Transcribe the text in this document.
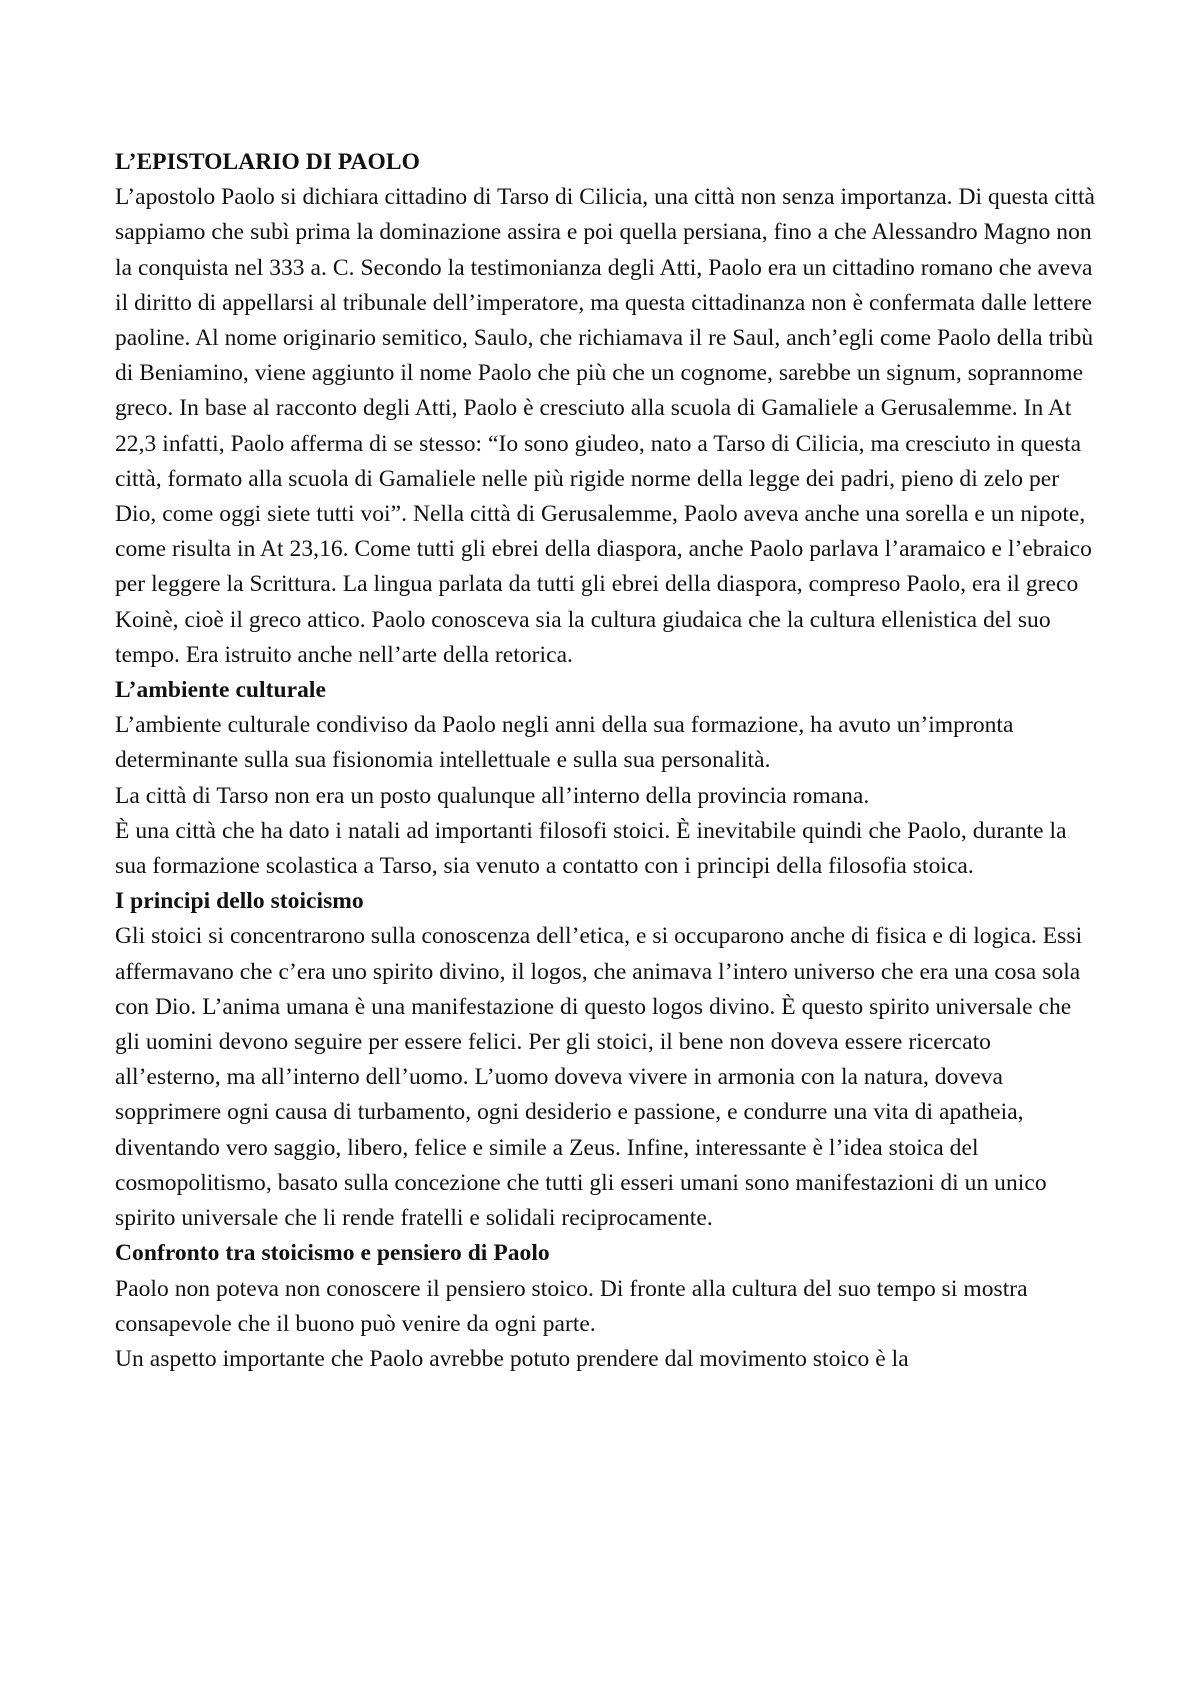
L’EPISTOLARIO DI PAOLO

L’apostolo Paolo si dichiara cittadino di Tarso di Cilicia, una città non senza importanza. Di questa città sappiamo che subì prima la dominazione assira e poi quella persiana, fino a che Alessandro Magno non la conquista nel 333 a. C. Secondo la testimonianza degli Atti, Paolo era un cittadino romano che aveva il diritto di appellarsi al tribunale dell’imperatore, ma questa cittadinanza non è confermata dalle lettere paoline. Al nome originario semitico, Saulo, che richiamava il re Saul, anch’egli come Paolo della tribù di Beniamino, viene aggiunto il nome Paolo che più che un cognome, sarebbe un signum, soprannome greco. In base al racconto degli Atti, Paolo è cresciuto alla scuola di Gamaliele a Gerusalemme. In At 22,3 infatti, Paolo afferma di se stesso: “Io sono giudeo, nato a Tarso di Cilicia, ma cresciuto in questa città, formato alla scuola di Gamaliele nelle più rigide norme della legge dei padri, pieno di zelo per Dio, come oggi siete tutti voi”. Nella città di Gerusalemme, Paolo aveva anche una sorella e un nipote, come risulta in At 23,16. Come tutti gli ebrei della diaspora, anche Paolo parlava l’aramaico e l’ebraico per leggere la Scrittura. La lingua parlata da tutti gli ebrei della diaspora, compreso Paolo, era il greco Koinè, cioè il greco attico. Paolo conosceva sia la cultura giudaica che la cultura ellenistica del suo tempo. Era istruito anche nell’arte della retorica.

L’ambiente culturale

L’ambiente culturale condiviso da Paolo negli anni della sua formazione, ha avuto un’impronta determinante sulla sua fisionomia intellettuale e sulla sua personalità.

La città di Tarso non era un posto qualunque all’interno della provincia romana.

È una città che ha dato i natali ad importanti filosofi stoici. È inevitabile quindi che Paolo, durante la sua formazione scolastica a Tarso, sia venuto a contatto con i principi della filosofia stoica.

I principi dello stoicismo

Gli stoici si concentrarono sulla conoscenza dell’etica, e si occuparono anche di fisica e di logica. Essi affermavano che c’era uno spirito divino, il logos, che animava l’intero universo che era una cosa sola con Dio. L’anima umana è una manifestazione di questo logos divino. È questo spirito universale che gli uomini devono seguire per essere felici. Per gli stoici, il bene non doveva essere ricercato all’esterno, ma all’interno dell’uomo. L’uomo doveva vivere in armonia con la natura, doveva sopprimere ogni causa di turbamento, ogni desiderio e passione, e condurre una vita di apatheia, diventando vero saggio, libero, felice e simile a Zeus. Infine, interessante è l’idea stoica del cosmopolitismo, basato sulla concezione che tutti gli esseri umani sono manifestazioni di un unico spirito universale che li rende fratelli e solidali reciprocamente.

Confronto tra stoicismo e pensiero di Paolo

Paolo non poteva non conoscere il pensiero stoico. Di fronte alla cultura del suo tempo si mostra consapevole che il buono può venire da ogni parte.

Un aspetto importante che Paolo avrebbe potuto prendere dal movimento stoico è la
